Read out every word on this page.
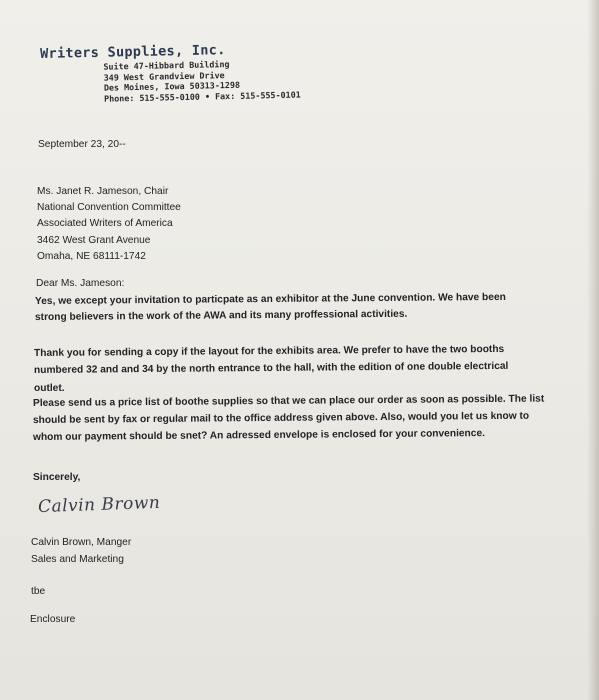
Writers Supplies, Inc.
Suite 47-Hibbard Building
349 West Grandview Drive
Des Moines, Iowa 50313-1298
Phone: 515-555-0100 • Fax: 515-555-0101
September 23, 20--
Ms. Janet R. Jameson, Chair
National Convention Committee
Associated Writers of America
3462 West Grant Avenue
Omaha, NE 68111-1742
Dear Ms. Jameson:
Yes, we except your invitation to particpate as an exhibitor at the June convention. We have been
strong believers in the work of the AWA and its many proffessional activities.
Thank you for sending a copy if the layout for the exhibits area. We prefer to have the two booths
numbered 32 and and 34 by the north entrance to the hall, with the edition of one double electrical
outlet.
Please send us a price list of boothe supplies so that we can place our order as soon as possible. The list
should be sent by fax or regular mail to the office address given above. Also, would you let us know to
whom our payment should be snet? An adressed envelope is enclosed for your convenience.
Sincerely,
Calvin Brown, Manger
Sales and Marketing
tbe
Enclosure
Calvin Brown
